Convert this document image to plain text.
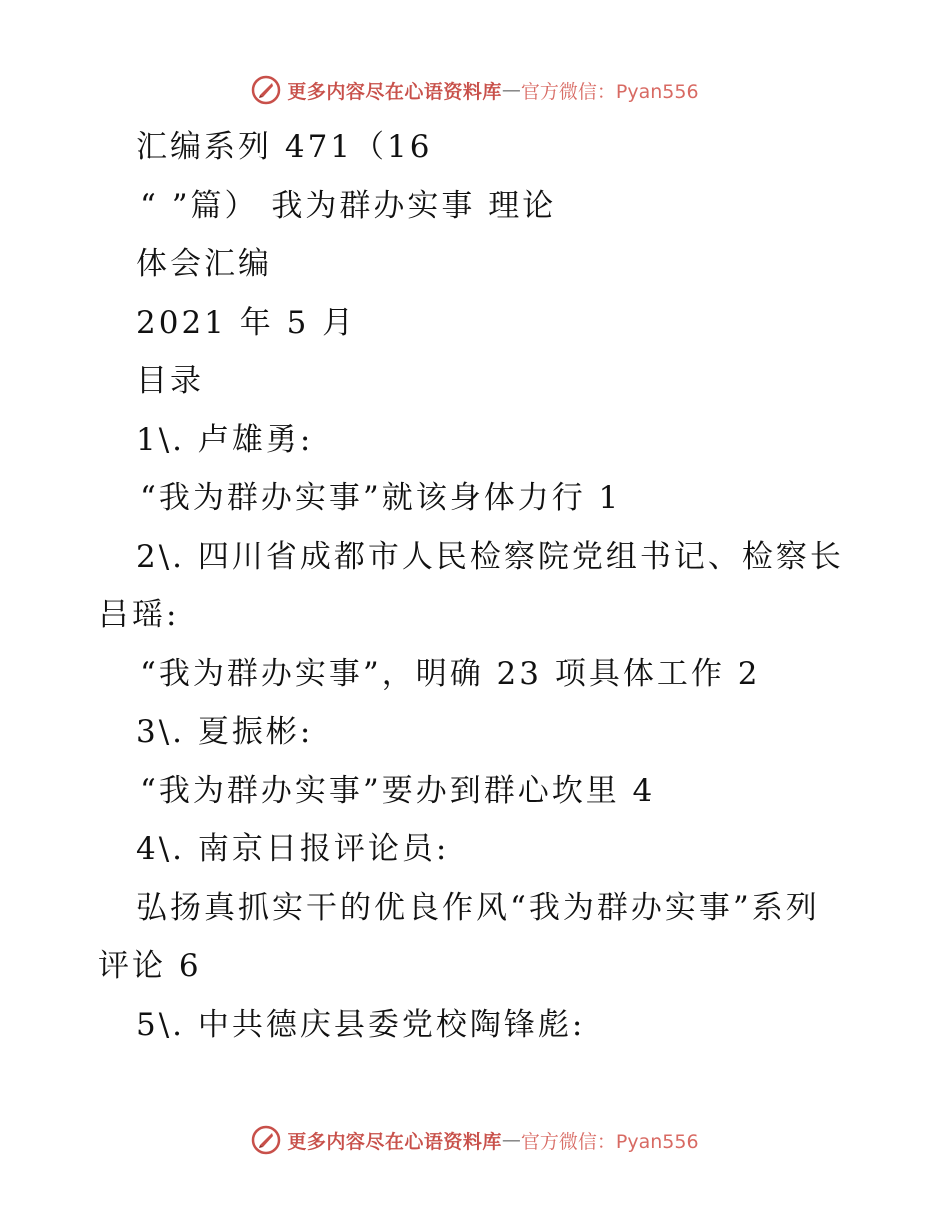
更多内容尽在心语资料库 — 官方微信：Pyan556
汇编系列 471（16
“ ”篇） 我为群办实事 理论
体会汇编
2021 年 5 月
目录
1\. 卢雄勇:
“我为群办实事”就该身体力行 1
2\. 四川省成都市人民检察院党组书记、检察长
吕瑶:
“我为群办实事”，明确 23 项具体工作 2
3\. 夏振彬:
“我为群办实事”要办到群心坎里 4
4\. 南京日报评论员:
弘扬真抓实干的优良作风“我为群办实事”系列
评论 6
5\. 中共德庆县委党校陶锋彪:
更多内容尽在心语资料库 — 官方微信：Pyan556
